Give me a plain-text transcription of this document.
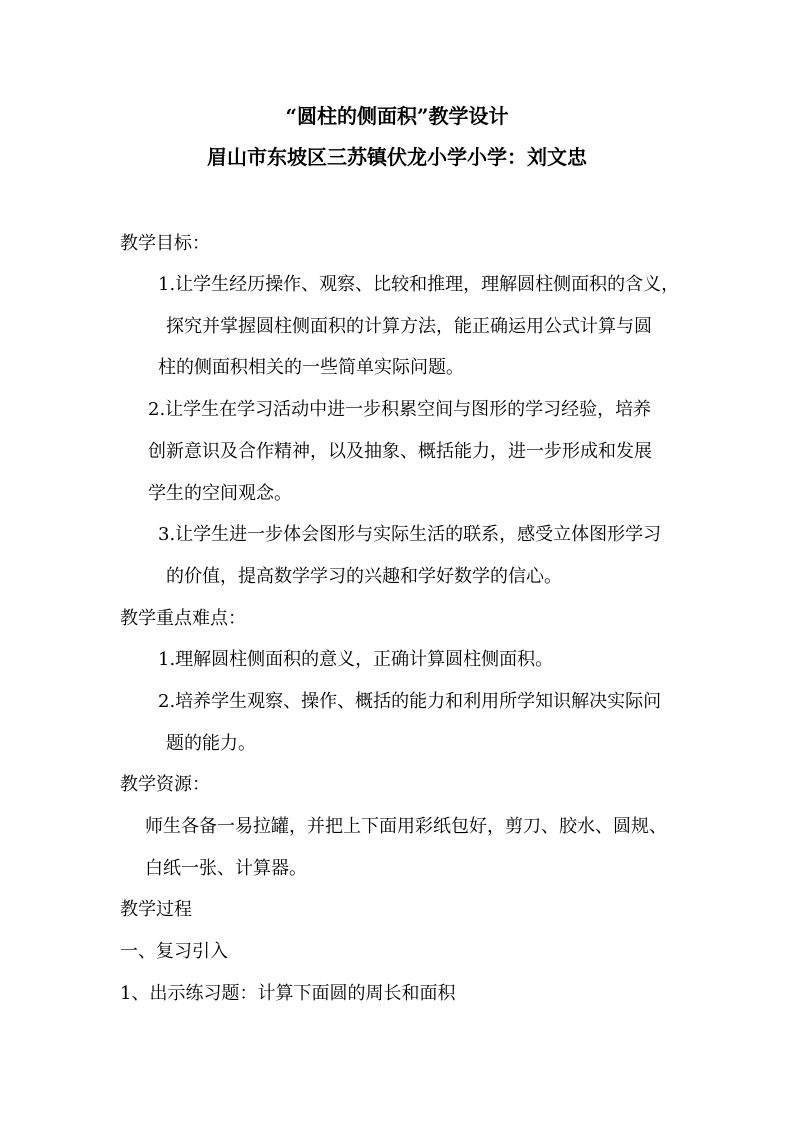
“圆柱的侧面积”教学设计
眉山市东坡区三苏镇伏龙小学小学：刘文忠
教学目标：
1.让学生经历操作、观察、比较和推理，理解圆柱侧面积的含义，
探究并掌握圆柱侧面积的计算方法，能正确运用公式计算与圆
柱的侧面积相关的一些简单实际问题。
2.让学生在学习活动中进一步积累空间与图形的学习经验，培养
创新意识及合作精神，以及抽象、概括能力，进一步形成和发展
学生的空间观念。
3.让学生进一步体会图形与实际生活的联系，感受立体图形学习
的价值，提高数学学习的兴趣和学好数学的信心。
教学重点难点：
1.理解圆柱侧面积的意义，正确计算圆柱侧面积。
2.培养学生观察、操作、概括的能力和利用所学知识解决实际问
题的能力。
教学资源：
师生各备一易拉罐，并把上下面用彩纸包好，剪刀、胶水、圆规、
白纸一张、计算器。
教学过程
一、复习引入
1、出示练习题：计算下面圆的周长和面积
